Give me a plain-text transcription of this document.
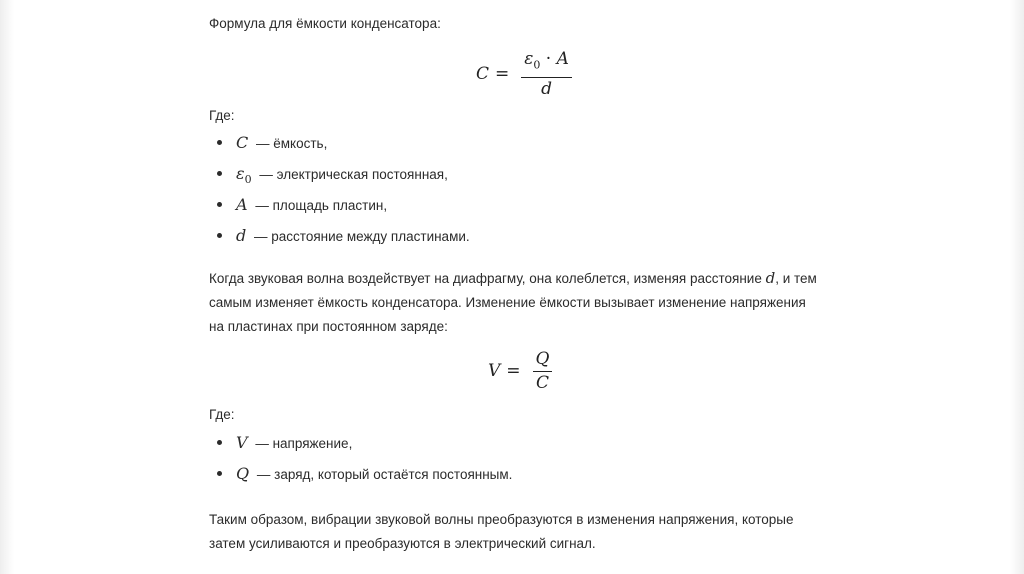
Формула для ёмкости конденсатора:
$C = \frac{\varepsilon_0 \cdot A}{d}$
Где:
C — ёмкость,
$\varepsilon_0$ — электрическая постоянная,
A — площадь пластин,
d — расстояние между пластинами.
Когда звуковая волна воздействует на диафрагму, она колеблется, изменяя расстояние d, и тем
самым изменяет ёмкость конденсатора. Изменение ёмкости вызывает изменение напряжения
на пластинах при постоянном заряде:
$V = \frac{Q}{C}$
Где:
V — напряжение,
Q — заряд, который остаётся постоянным.
Таким образом, вибрации звуковой волны преобразуются в изменения напряжения, которые
затем усиливаются и преобразуются в электрический сигнал.
